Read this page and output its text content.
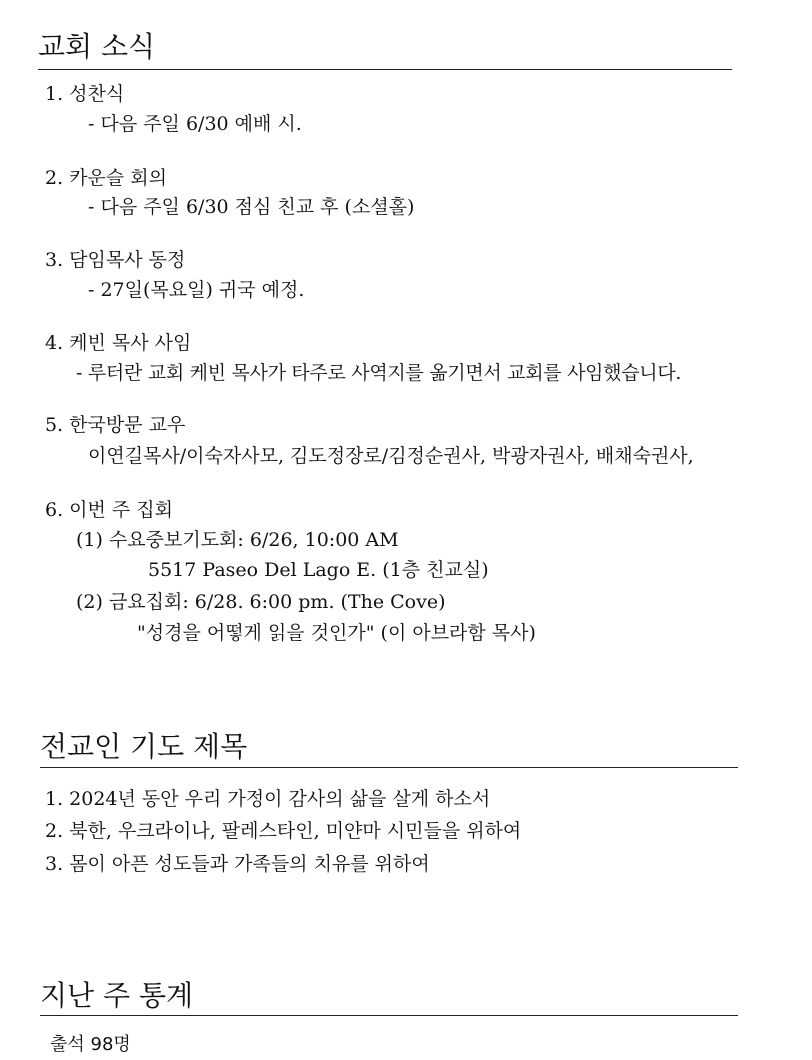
교회 소식
1. 성찬식
- 다음 주일 6/30 예배 시.
2. 카운슬 회의
- 다음 주일 6/30 점심 친교 후 (소셜홀)
3. 담임목사 동정
- 27일(목요일) 귀국 예정.
4. 케빈 목사 사임
- 루터란 교회 케빈 목사가 타주로 사역지를 옮기면서 교회를 사임했습니다.
5. 한국방문 교우
이연길목사/이숙자사모, 김도정장로/김정순권사, 박광자권사, 배채숙권사,
6. 이번 주 집회
(1) 수요중보기도회: 6/26, 10:00 AM
5517 Paseo Del Lago E. (1층 친교실)
(2) 금요집회: 6/28. 6:00 pm. (The Cove)
"성경을 어떻게 읽을 것인가" (이 아브라함 목사)
전교인 기도 제목
1. 2024년 동안 우리 가정이 감사의 삶을 살게 하소서
2. 북한, 우크라이나, 팔레스타인, 미얀마 시민들을 위하여
3. 몸이 아픈 성도들과 가족들의 치유를 위하여
지난 주 통계
출석 98명
